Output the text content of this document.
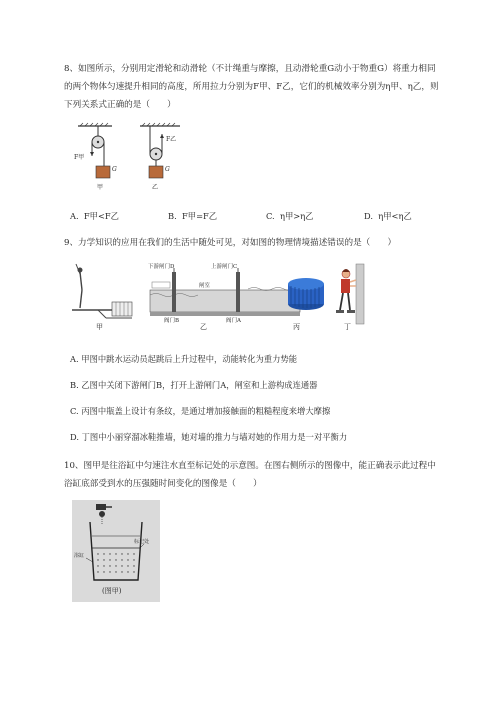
8、如图所示，分别用定滑轮和动滑轮（不计绳重与摩擦，且动滑轮重G动小于物重G）将重力相同的两个物体匀速提升相同的高度，所用拉力分别为F甲、F乙，它们的机械效率分别为η甲、η乙，则下列关系式正确的是（　　）
F甲
G
甲
F乙
G
乙
A. F甲<F乙	B. F甲=F乙	C. η甲>η乙	D. η甲<η乙
9、力学知识的应用在我们的生活中随处可见，对如图的物理情境描述错误的是（　　）
下游闸门D	上游闸门C
闸室
阀门B	阀门A
甲	乙	丙	丁
A. 甲图中跳水运动员起跳后上升过程中，动能转化为重力势能
B. 乙图中关闭下游闸门B，打开上游闸门A，闸室和上游构成连通器
C. 丙图中瓶盖上设计有条纹，是通过增加接触面的粗糙程度来增大摩擦
D. 丁图中小丽穿溜冰鞋推墙，她对墙的推力与墙对她的作用力是一对平衡力
10、图甲是往浴缸中匀速注水直至标记处的示意图。在图右侧所示的图像中，能正确表示此过程中浴缸底部受到水的压强随时间变化的图像是（　　）
浴缸
标记处
(图甲)
